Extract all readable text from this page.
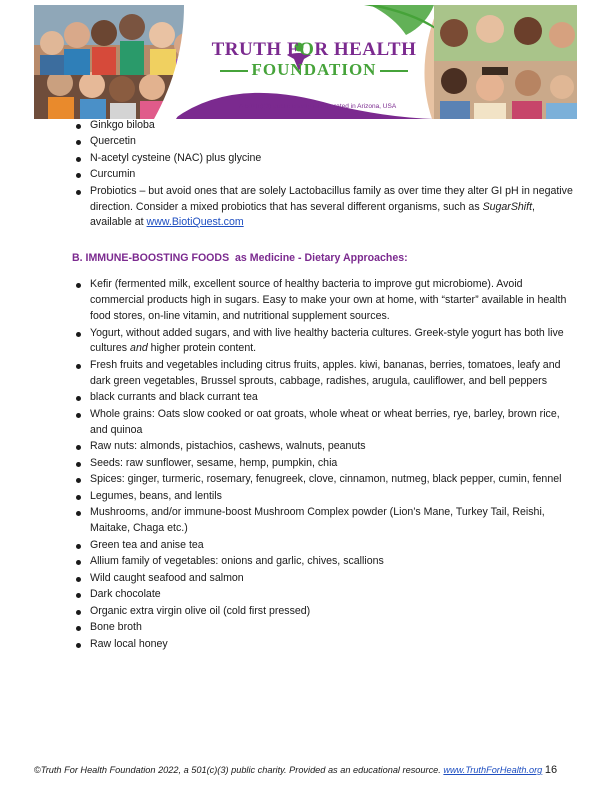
TRUTH FOR HEALTH
FOUNDATION
A 501(c)(3) public charity incorporated in Arizona, USA
Ginkgo biloba
Quercetin
N-acetyl cysteine (NAC) plus glycine
Curcumin
Probiotics – but avoid ones that are solely Lactobacillus family as over time they alter GI pH in negative direction. Consider a mixed probiotics that has several different organisms, such as SugarShift, available at www.BiotiQuest.com
B. IMMUNE-BOOSTING FOODS  as Medicine - Dietary Approaches:
Kefir (fermented milk, excellent source of healthy bacteria to improve gut microbiome). Avoid commercial products high in sugars. Easy to make your own at home, with “starter” available in health food stores, on-line vitamin, and nutritional supplement sources.
Yogurt, without added sugars, and with live healthy bacteria cultures. Greek-style yogurt has both live cultures and higher protein content.
Fresh fruits and vegetables including citrus fruits, apples. kiwi, bananas, berries, tomatoes, leafy and dark green vegetables, Brussel sprouts, cabbage, radishes, arugula, cauliflower, and bell peppers
black currants and black currant tea
Whole grains: Oats slow cooked or oat groats, whole wheat or wheat berries, rye, barley, brown rice, and quinoa
Raw nuts: almonds, pistachios, cashews, walnuts, peanuts
Seeds: raw sunflower, sesame, hemp, pumpkin, chia
Spices: ginger, turmeric, rosemary, fenugreek, clove, cinnamon, nutmeg, black pepper, cumin, fennel
Legumes, beans, and lentils
Mushrooms, and/or immune-boost Mushroom Complex powder (Lion’s Mane, Turkey Tail, Reishi, Maitake, Chaga etc.)
Green tea and anise tea
Allium family of vegetables: onions and garlic, chives, scallions
Wild caught seafood and salmon
Dark chocolate
Organic extra virgin olive oil (cold first pressed)
Bone broth
Raw local honey
©Truth For Health Foundation 2022, a 501(c)(3) public charity. Provided as an educational resource. www.TruthForHealth.org 16
